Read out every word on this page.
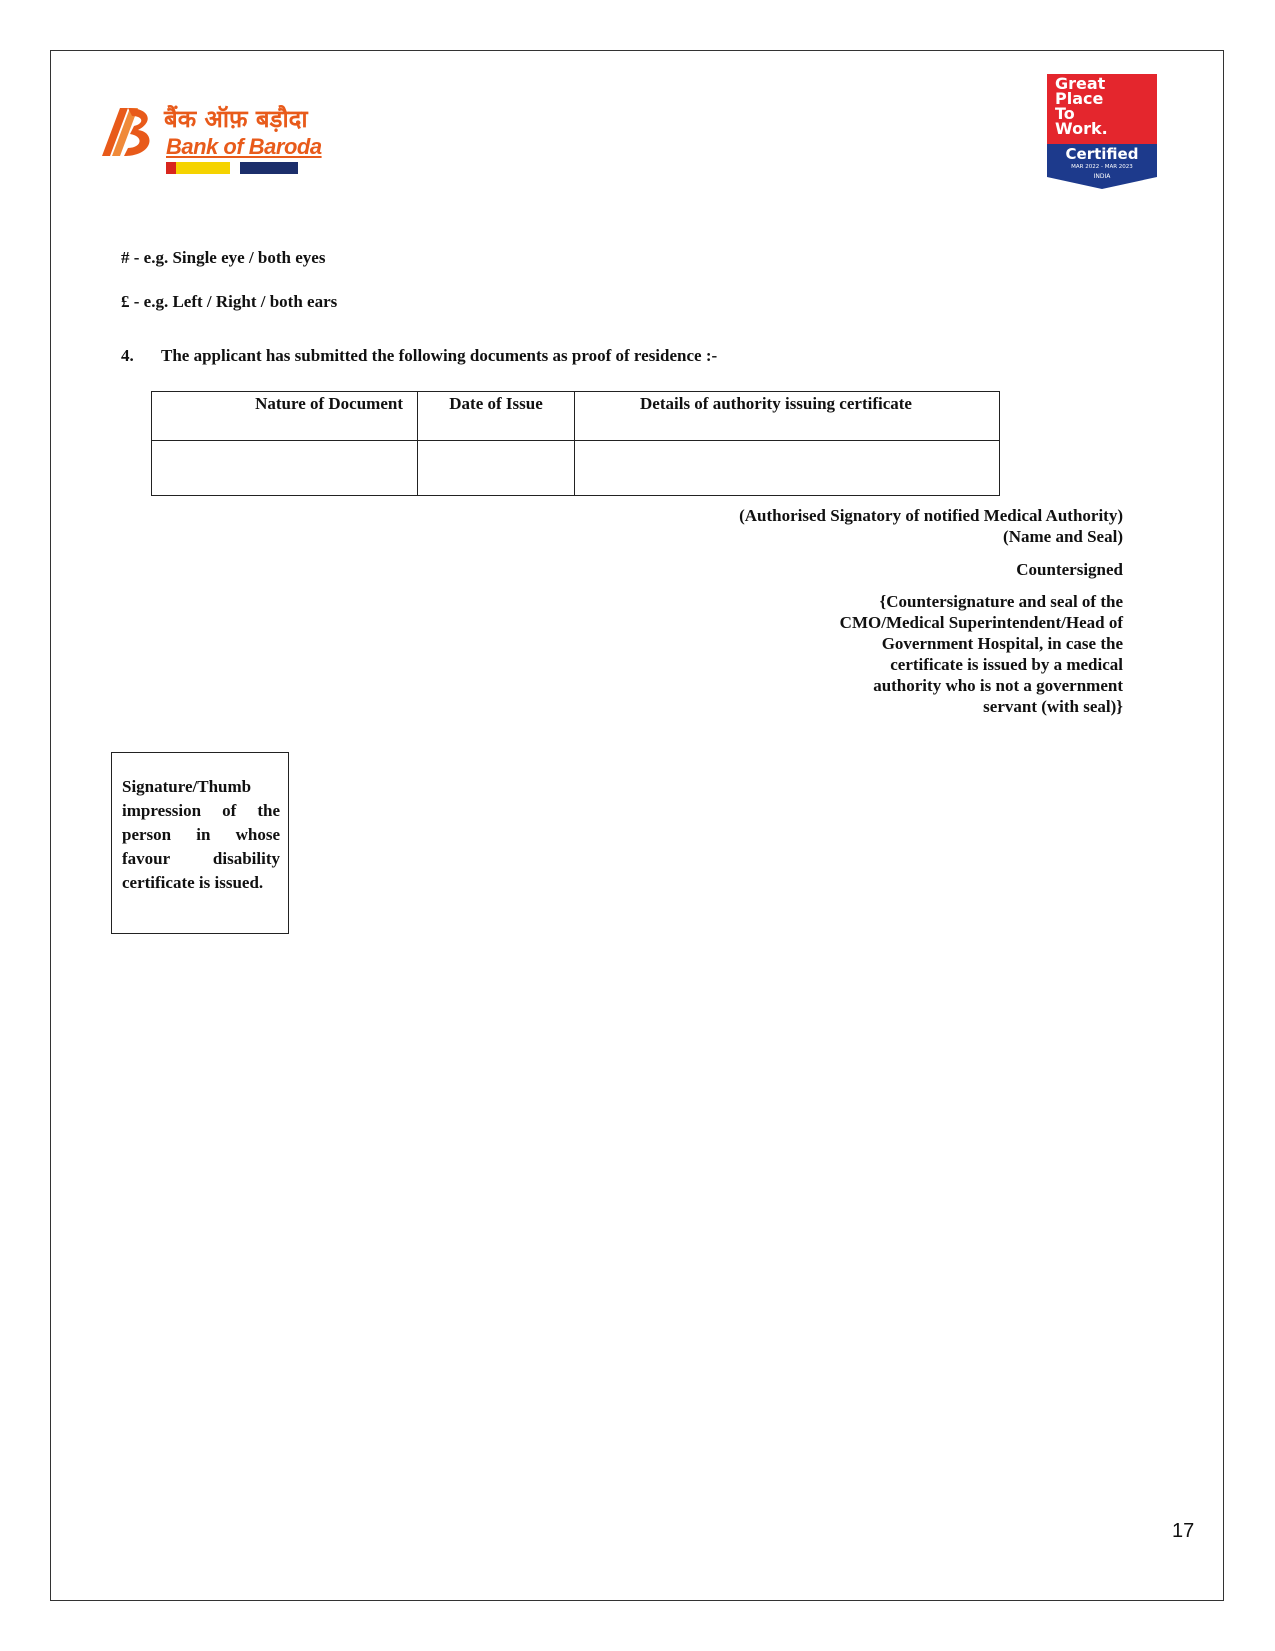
बैंक ऑफ़ बड़ौदा
Bank of Baroda
Great
Place
To
Work.
Certified
MAR 2022 - MAR 2023
INDIA
# - e.g. Single eye / both eyes
£ - e.g. Left / Right / both ears
4. The applicant has submitted the following documents as proof of residence :-
Nature of Document	Date of Issue	Details of authority issuing certificate

(Authorised Signatory of notified Medical Authority)
(Name and Seal)
Countersigned
{Countersignature and seal of the
CMO/Medical Superintendent/Head of
Government Hospital, in case the
certificate is issued by a medical
authority who is not a government
servant (with seal)}
Signature/Thumb impression of the person in whose favour disability certificate is issued.
17
